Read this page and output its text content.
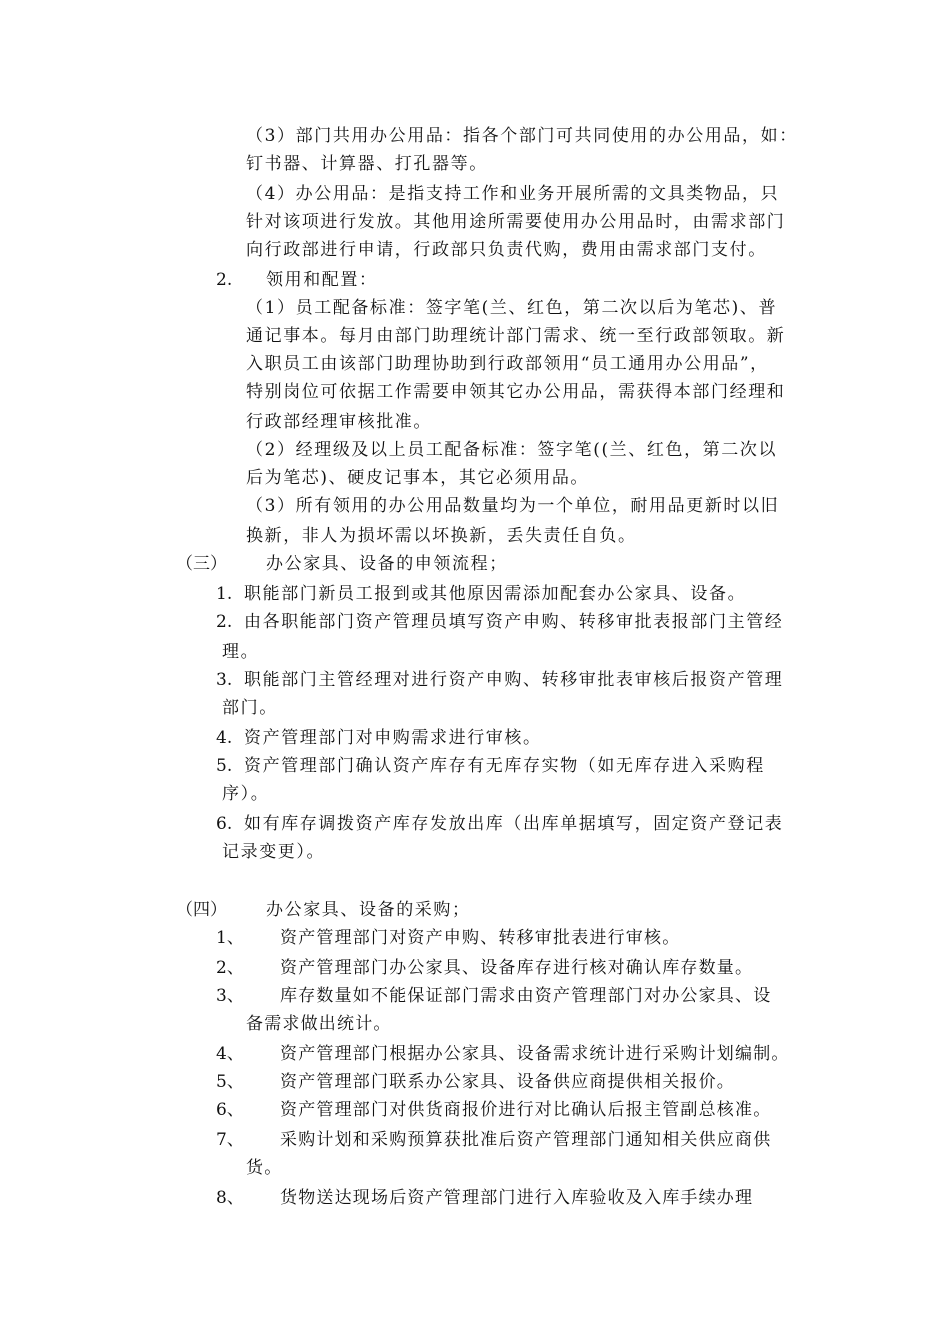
（3）部门共用办公用品：指各个部门可共同使用的办公用品，如：
钉书器、计算器、打孔器等。
（4）办公用品：是指支持工作和业务开展所需的文具类物品，只
针对该项进行发放。其他用途所需要使用办公用品时，由需求部门
向行政部进行申请，行政部只负责代购，费用由需求部门支付。
2. 领用和配置：
（1）员工配备标准：签字笔(兰、红色，第二次以后为笔芯)、普
通记事本。每月由部门助理统计部门需求、统一至行政部领取。新
入职员工由该部门助理协助到行政部领用“员工通用办公用品”，
特别岗位可依据工作需要申领其它办公用品，需获得本部门经理和
行政部经理审核批准。
（2）经理级及以上员工配备标准：签字笔((兰、红色，第二次以
后为笔芯)、硬皮记事本，其它必须用品。
（3）所有领用的办公用品数量均为一个单位，耐用品更新时以旧
换新，非人为损坏需以坏换新，丢失责任自负。
（三） 办公家具、设备的申领流程；
1. 职能部门新员工报到或其他原因需添加配套办公家具、设备。
2. 由各职能部门资产管理员填写资产申购、转移审批表报部门主管经
理。
3. 职能部门主管经理对进行资产申购、转移审批表审核后报资产管理
部门。
4. 资产管理部门对申购需求进行审核。
5. 资产管理部门确认资产库存有无库存实物（如无库存进入采购程
序）。
6. 如有库存调拨资产库存发放出库（出库单据填写，固定资产登记表
记录变更）。
（四） 办公家具、设备的采购；
1、 资产管理部门对资产申购、转移审批表进行审核。
2、 资产管理部门办公家具、设备库存进行核对确认库存数量。
3、 库存数量如不能保证部门需求由资产管理部门对办公家具、设
备需求做出统计。
4、 资产管理部门根据办公家具、设备需求统计进行采购计划编制。
5、 资产管理部门联系办公家具、设备供应商提供相关报价。
6、 资产管理部门对供货商报价进行对比确认后报主管副总核准。
7、 采购计划和采购预算获批准后资产管理部门通知相关供应商供
货。
8、 货物送达现场后资产管理部门进行入库验收及入库手续办理
